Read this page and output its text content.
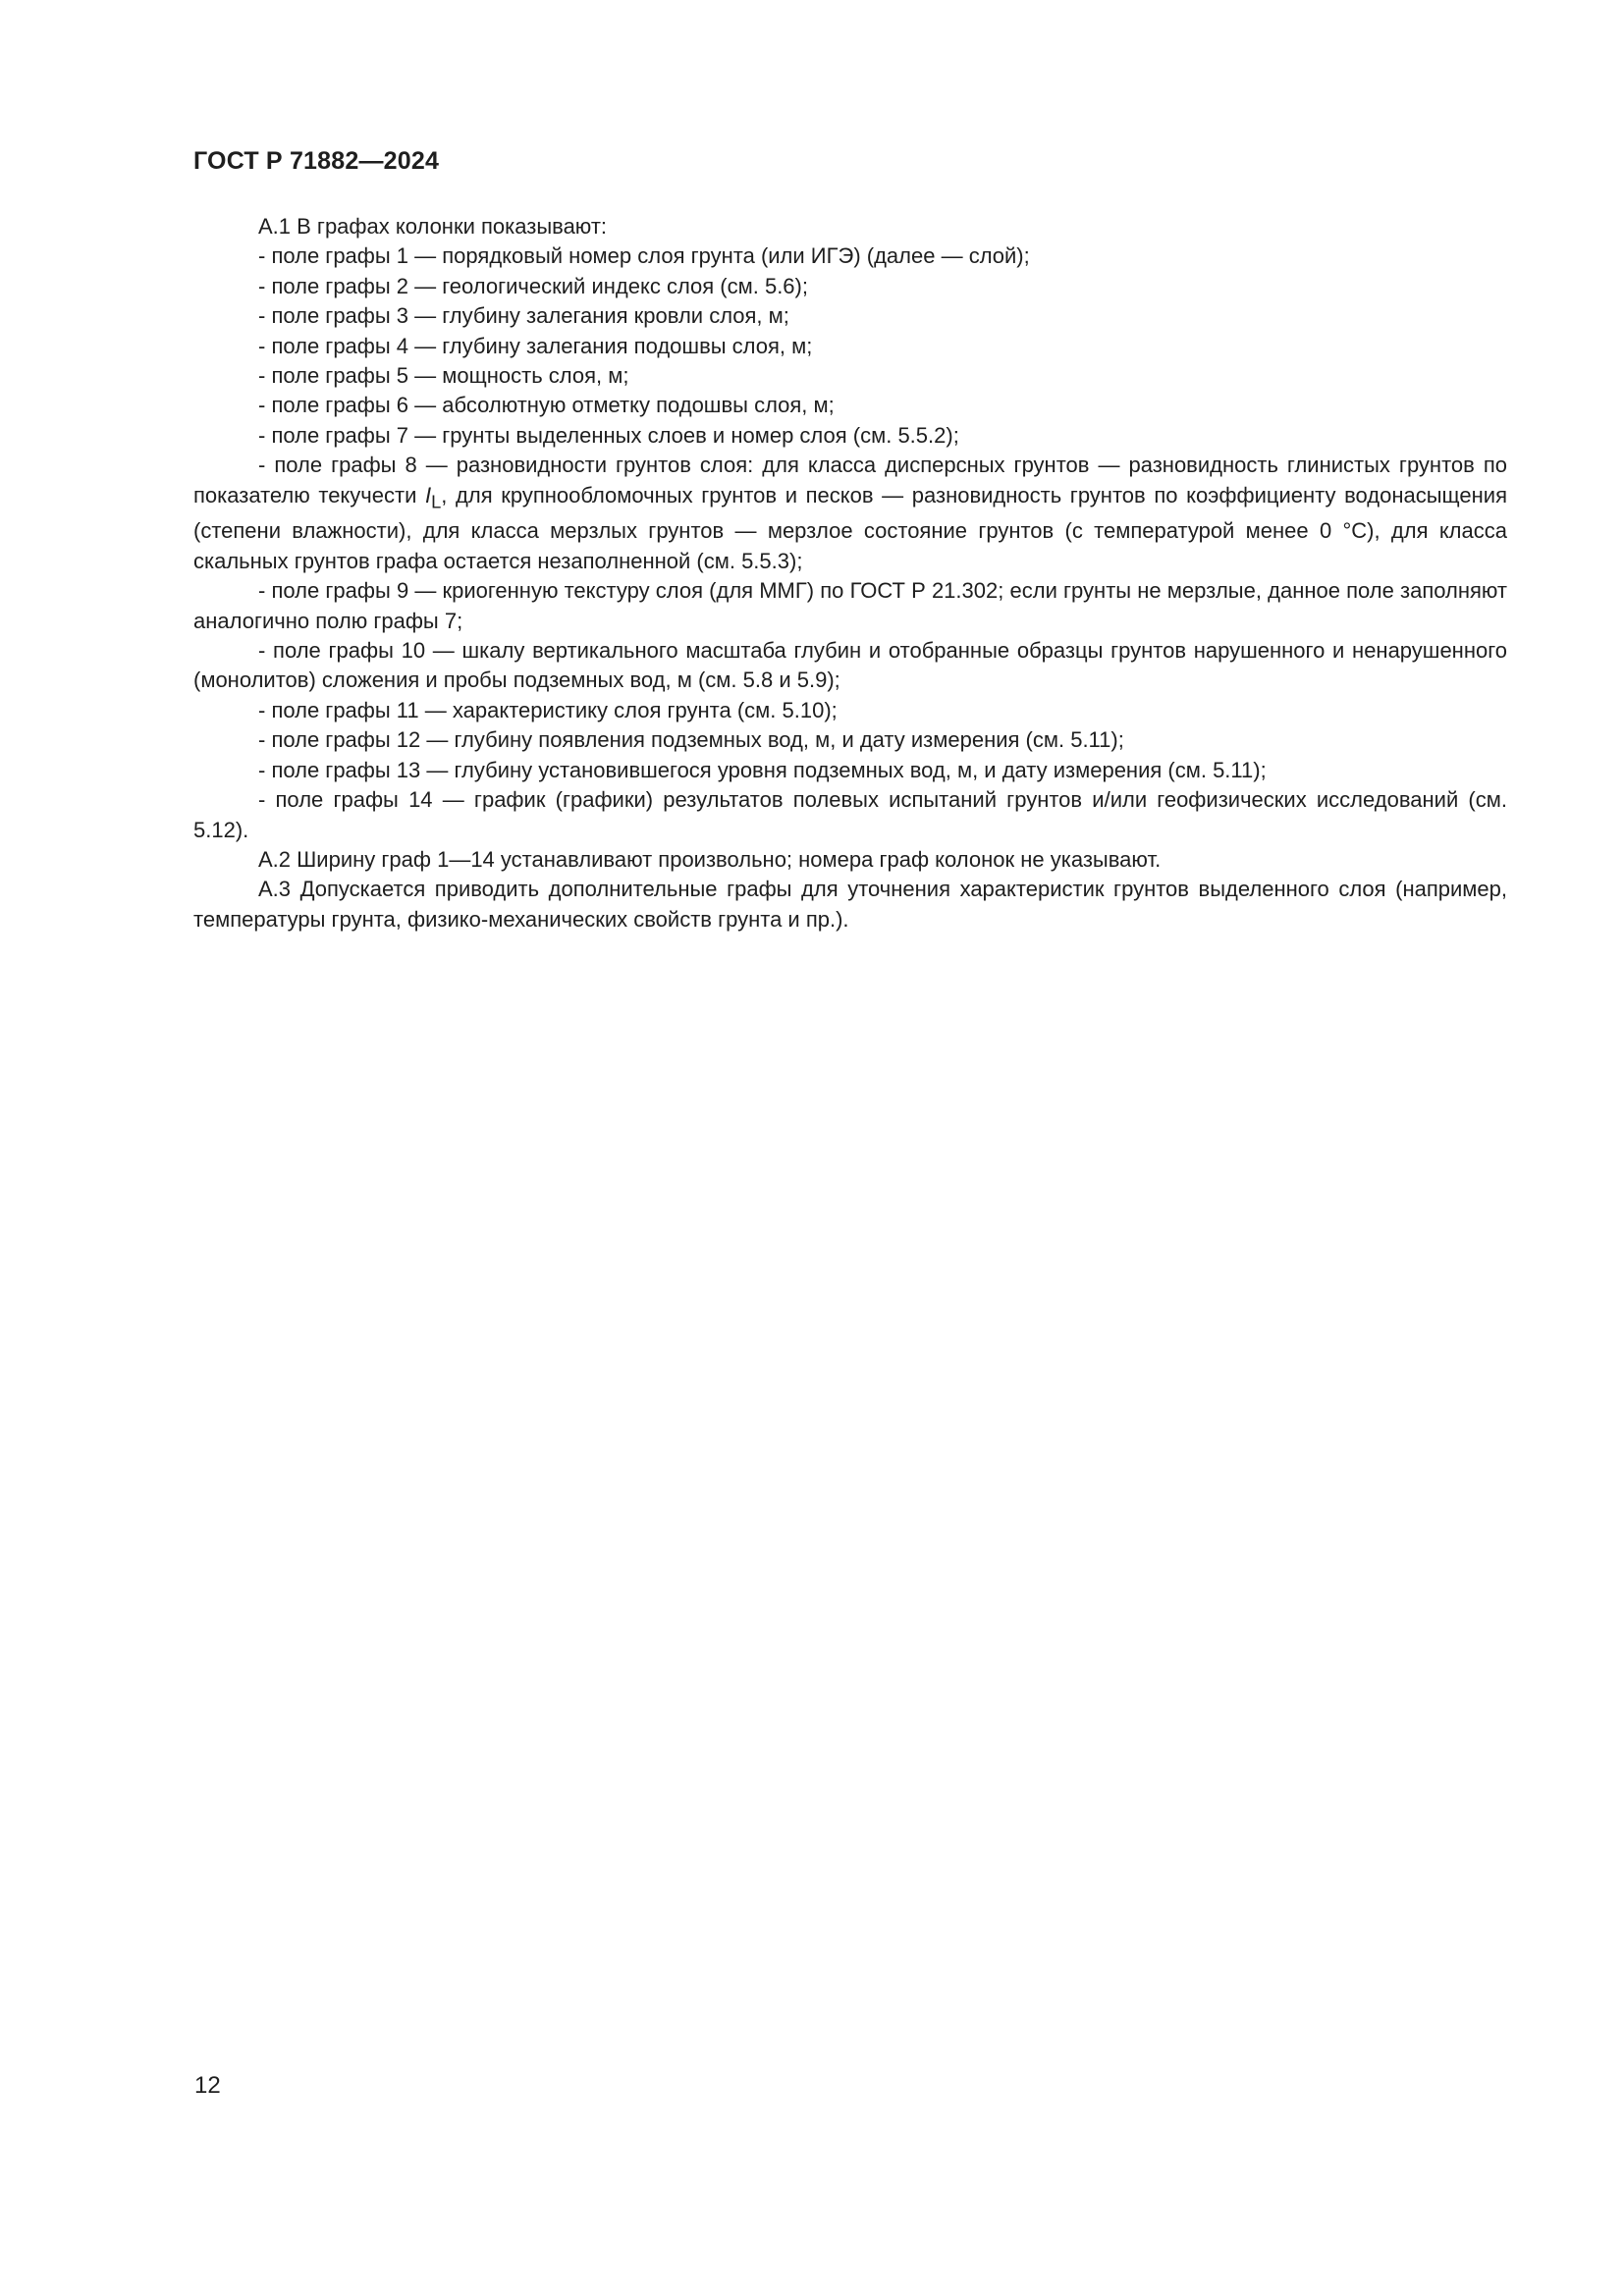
ГОСТ Р 71882—2024

А.1 В графах колонки показывают:

- поле графы 1 — порядковый номер слоя грунта (или ИГЭ) (далее — слой);

- поле графы 2 — геологический индекс слоя (см. 5.6);

- поле графы 3 — глубину залегания кровли слоя, м;

- поле графы 4 — глубину залегания подошвы слоя, м;

- поле графы 5 — мощность слоя, м;

- поле графы 6 — абсолютную отметку подошвы слоя, м;

- поле графы 7 — грунты выделенных слоев и номер слоя (см. 5.5.2);

- поле графы 8 — разновидности грунтов слоя: для класса дисперсных грунтов — разновидность глинистых грунтов по показателю текучести $I_L$, для крупнообломочных грунтов и песков — разновидность грунтов по коэффициенту водонасыщения (степени влажности), для класса мерзлых грунтов — мерзлое состояние грунтов (с температурой менее 0 °С), для класса скальных грунтов графа остается незаполненной (см. 5.5.3);

- поле графы 9 — криогенную текстуру слоя (для ММГ) по ГОСТ Р 21.302; если грунты не мерзлые, данное поле заполняют аналогично полю графы 7;

- поле графы 10 — шкалу вертикального масштаба глубин и отобранные образцы грунтов нарушенного и ненарушенного (монолитов) сложения и пробы подземных вод, м (см. 5.8 и 5.9);

- поле графы 11 — характеристику слоя грунта (см. 5.10);

- поле графы 12 — глубину появления подземных вод, м, и дату измерения (см. 5.11);

- поле графы 13 — глубину установившегося уровня подземных вод, м, и дату измерения (см. 5.11);

- поле графы 14 — график (графики) результатов полевых испытаний грунтов и/или геофизических исследований (см. 5.12).

А.2 Ширину граф 1—14 устанавливают произвольно; номера граф колонок не указывают.

А.3 Допускается приводить дополнительные графы для уточнения характеристик грунтов выделенного слоя (например, температуры грунта, физико-механических свойств грунта и пр.).

12
